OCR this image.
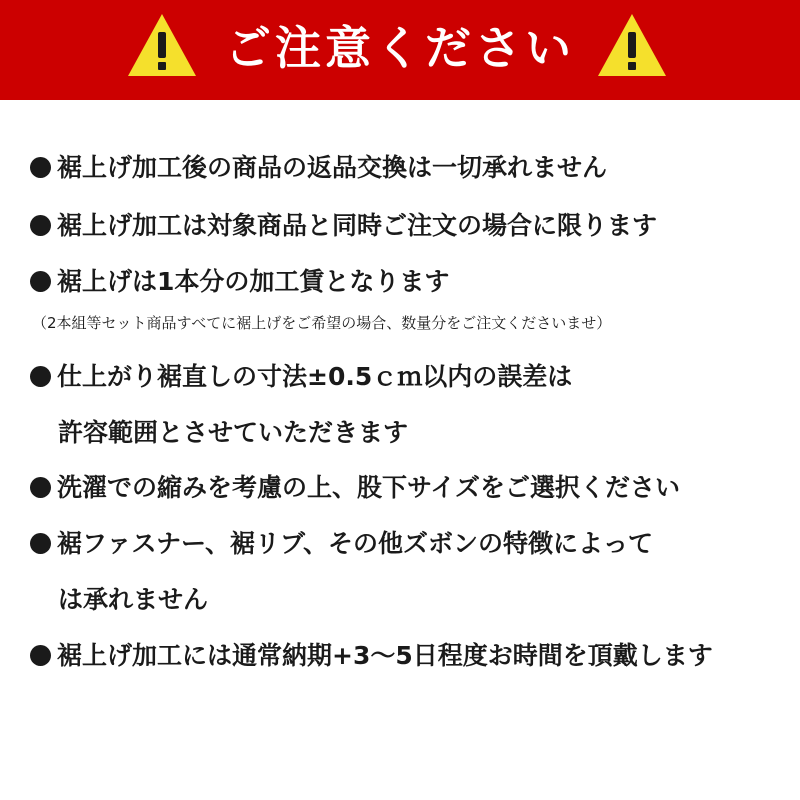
ご注意ください
裾上げ加工後の商品の返品交換は一切承れません
裾上げ加工は対象商品と同時ご注文の場合に限ります
裾上げは1本分の加工賃となります
（2本組等セット商品すべてに裾上げをご希望の場合、数量分をご注文くださいませ）
仕上がり裾直しの寸法±0.5ｃｍ以内の誤差は
許容範囲とさせていただきます
洗濯での縮みを考慮の上、股下サイズをご選択ください
裾ファスナー、裾リブ、その他ズボンの特徴によって
は承れません
裾上げ加工には通常納期+3～5日程度お時間を頂戴します
